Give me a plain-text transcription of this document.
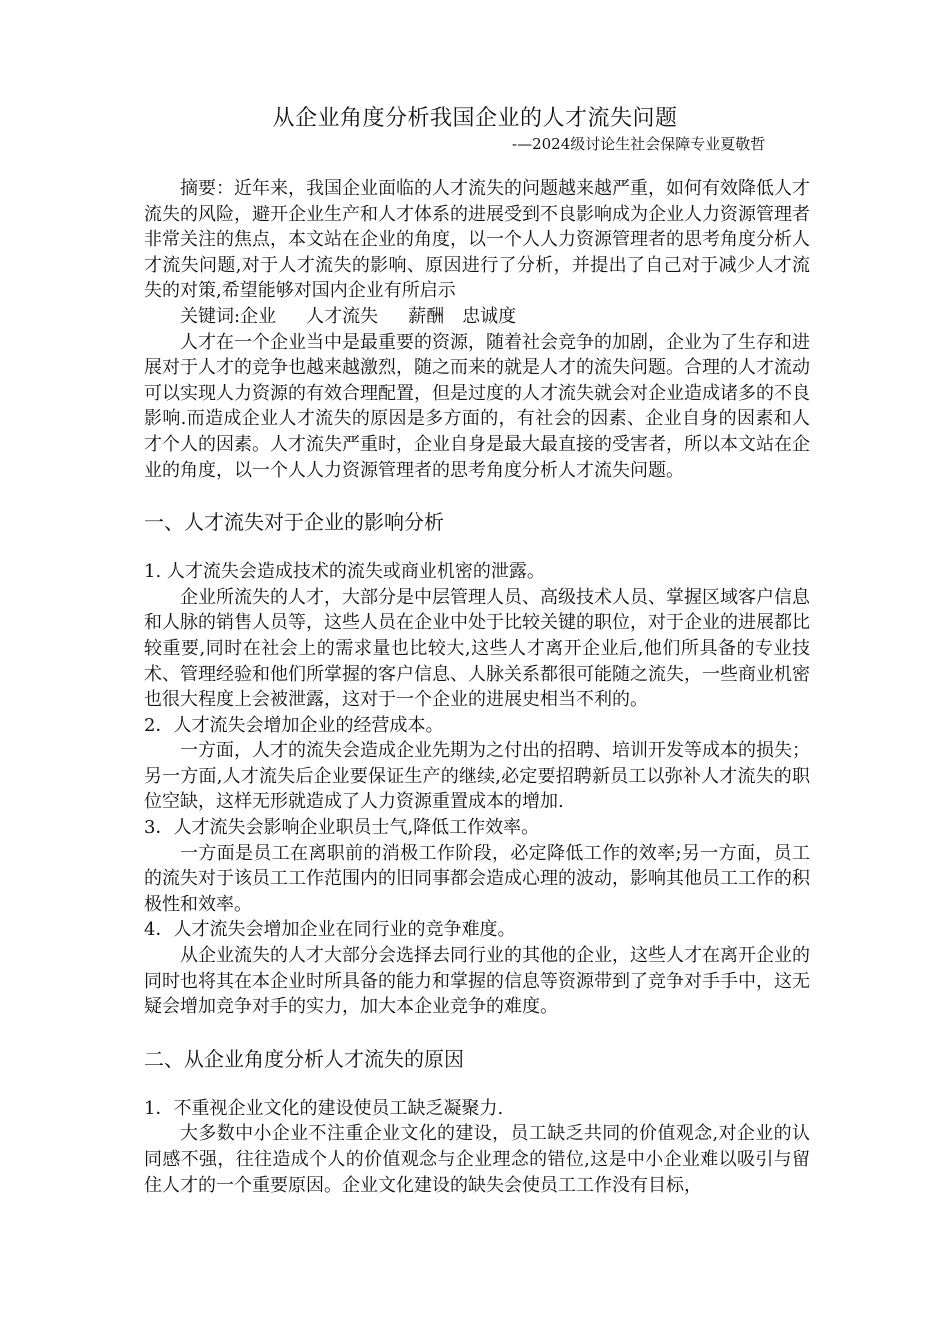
从企业角度分析我国企业的人才流失问题
-—2024级讨论生社会保障专业夏敬哲

摘要：近年来，我国企业面临的人才流失的问题越来越严重，如何有效降低人才流失的风险，避开企业生产和人才体系的进展受到不良影响成为企业人力资源管理者非常关注的焦点，本文站在企业的角度，以一个人人力资源管理者的思考角度分析人才流失问题,对于人才流失的影响、原因进行了分析，并提出了自己对于减少人才流失的对策,希望能够对国内企业有所启示

关键词:企业 人才流失 薪酬 忠诚度

人才在一个企业当中是最重要的资源，随着社会竞争的加剧，企业为了生存和进展对于人才的竞争也越来越激烈，随之而来的就是人才的流失问题。合理的人才流动可以实现人力资源的有效合理配置，但是过度的人才流失就会对企业造成诸多的不良影响.而造成企业人才流失的原因是多方面的，有社会的因素、企业自身的因素和人才个人的因素。人才流失严重时，企业自身是最大最直接的受害者，所以本文站在企业的角度，以一个人人力资源管理者的思考角度分析人才流失问题。

一、人才流失对于企业的影响分析

1. 人才流失会造成技术的流失或商业机密的泄露。

企业所流失的人才，大部分是中层管理人员、高级技术人员、掌握区域客户信息和人脉的销售人员等，这些人员在企业中处于比较关键的职位，对于企业的进展都比较重要,同时在社会上的需求量也比较大,这些人才离开企业后,他们所具备的专业技术、管理经验和他们所掌握的客户信息、人脉关系都很可能随之流失，一些商业机密也很大程度上会被泄露，这对于一个企业的进展史相当不利的。

2．人才流失会增加企业的经营成本。

一方面，人才的流失会造成企业先期为之付出的招聘、培训开发等成本的损失；另一方面,人才流失后企业要保证生产的继续,必定要招聘新员工以弥补人才流失的职位空缺，这样无形就造成了人力资源重置成本的增加.

3．人才流失会影响企业职员士气,降低工作效率。

一方面是员工在离职前的消极工作阶段，必定降低工作的效率;另一方面，员工的流失对于该员工工作范围内的旧同事都会造成心理的波动，影响其他员工工作的积极性和效率。

4．人才流失会增加企业在同行业的竞争难度。

从企业流失的人才大部分会选择去同行业的其他的企业，这些人才在离开企业的同时也将其在本企业时所具备的能力和掌握的信息等资源带到了竞争对手手中，这无疑会增加竞争对手的实力，加大本企业竞争的难度。

二、从企业角度分析人才流失的原因

1．不重视企业文化的建设使员工缺乏凝聚力.

大多数中小企业不注重企业文化的建设，员工缺乏共同的价值观念,对企业的认同感不强，往往造成个人的价值观念与企业理念的错位,这是中小企业难以吸引与留住人才的一个重要原因。企业文化建设的缺失会使员工工作没有目标，
